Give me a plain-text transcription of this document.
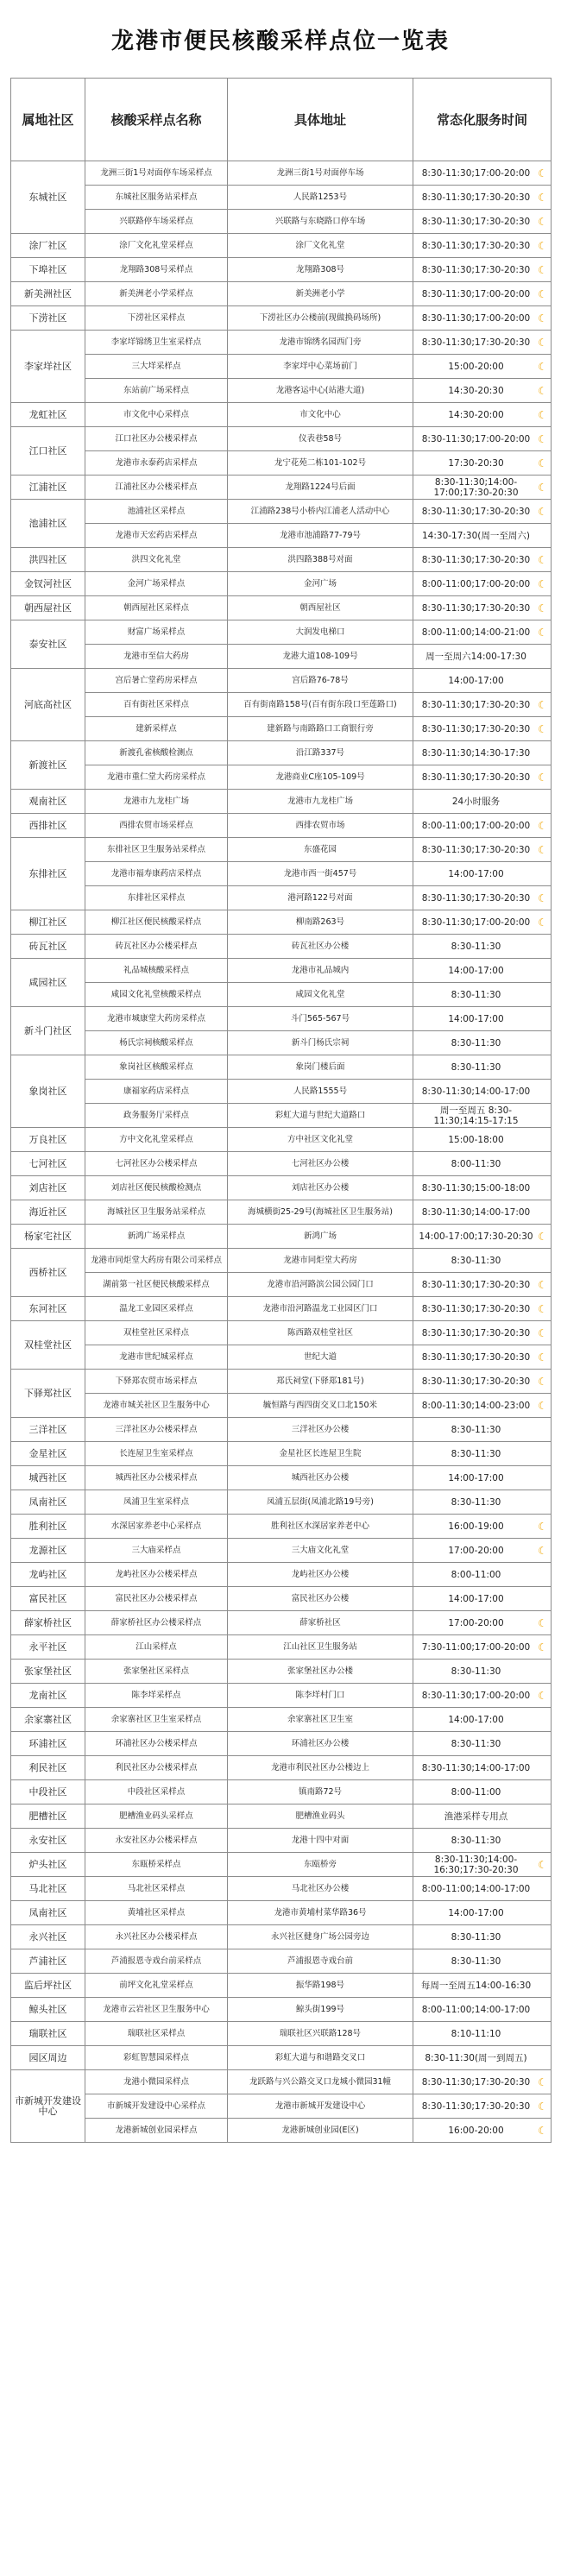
龙港市便民核酸采样点位一览表
属地社区	核酸采样点名称	具体地址	常态化服务时间
东城社区	龙洲三街1号对面停车场采样点	龙洲三街1号对面停车场	8:30-11:30;17:00-20:00 ☾

	东城社区服务站采样点	人民路1253号	8:30-11:30;17:30-20:30 ☾

	兴联路停车场采样点	兴联路与东晓路口停车场	8:30-11:30;17:30-20:30 ☾

涂厂社区	涂厂文化礼堂采样点	涂厂文化礼堂	8:30-11:30;17:30-20:30 ☾

下埠社区	龙翔路308号采样点	龙翔路308号	8:30-11:30;17:30-20:30 ☾

新美洲社区	新美洲老小学采样点	新美洲老小学	8:30-11:30;17:00-20:00 ☾

下涝社区	下涝社区采样点	下涝社区办公楼前(现做换码场所)	8:30-11:30;17:00-20:00 ☾

李家垟社区	李家垟锦绣卫生室采样点	龙港市锦绣名园西门旁	8:30-11:30;17:30-20:30 ☾

	三大垟采样点	李家垟中心菜场前门	15:00-20:00 ☾

	东站前广场采样点	龙港客运中心(站港大道)	14:30-20:30 ☾

龙虹社区	市文化中心采样点	市文化中心	14:30-20:00 ☾

江口社区	江口社区办公楼采样点	仪表巷58号	8:30-11:30;17:00-20:00 ☾

	龙港市永泰药店采样点	龙宁花苑二栋101-102号	17:30-20:30 ☾

江浦社区	江浦社区办公楼采样点	龙翔路1224号后面	8:30-11:30;14:00-17:00;17:30-20:30 ☾

池浦社区	池浦社区采样点	江浦路238号小桥内江浦老人活动中心	8:30-11:30;17:30-20:30 ☾

	龙港市天宏药店采样点	龙港市池浦路77-79号	14:30-17:30(周一至周六)

洪四社区	洪四文化礼堂	洪四路388号对面	8:30-11:30;17:30-20:30 ☾

金钗河社区	金河广场采样点	金河广场	8:00-11:00;17:00-20:00 ☾

朝西屋社区	朝西屋社区采样点	朝西屋社区	8:30-11:30;17:30-20:30 ☾

泰安社区	财富广场采样点	大润发电梯口	8:00-11:00;14:00-21:00 ☾

	龙港市至信大药房	龙港大道108-109号	周一至周六14:00-17:30

河底高社区	宫后暑亡堂药房采样点	宫后路76-78号	14:00-17:00

	百有街社区采样点	百有街南路158号(百有街东段口至莲路口)	8:30-11:30;17:30-20:30 ☾

	建新采样点	建新路与南路路口工商银行旁	8:30-11:30;17:30-20:30 ☾

新渡社区	新渡孔雀核酸检测点	沿江路337号	8:30-11:30;14:30-17:30

	龙港市重仁堂大药房采样点	龙港商业C座105-109号	8:30-11:30;17:30-20:30 ☾

观南社区	龙港市九龙桂广场	龙港市九龙桂广场	24小时服务

西排社区	西排农贸市场采样点	西排农贸市场	8:00-11:00;17:00-20:00 ☾

东排社区	东排社区卫生服务站采样点	东盛花园	8:30-11:30;17:30-20:30 ☾

	龙港市福寿康药店采样点	龙港市西一街457号	14:00-17:00

	东排社区采样点	港河路122号对面	8:30-11:30;17:30-20:30 ☾

柳江社区	柳江社区便民核酸采样点	柳南路263号	8:30-11:30;17:00-20:00 ☾

砖瓦社区	砖瓦社区办公楼采样点	砖瓦社区办公楼	8:30-11:30

咸园社区	礼品城核酸采样点	龙港市礼品城内	14:00-17:00

	咸园文化礼堂核酸采样点	咸园文化礼堂	8:30-11:30

新斗门社区	龙港市城康堂大药房采样点	斗门565-567号	14:00-17:00

	杨氏宗祠核酸采样点	新斗门杨氏宗祠	8:30-11:30

象岗社区	象岗社区核酸采样点	象岗门楼后面	8:30-11:30

	康福家药店采样点	人民路1555号	8:30-11:30;14:00-17:00

	政务服务厅采样点	彩虹大道与世纪大道路口	周一至周五 8:30-11:30;14:15-17:15

万良社区	方中文化礼堂采样点	方中社区文化礼堂	15:00-18:00

七河社区	七河社区办公楼采样点	七河社区办公楼	8:00-11:30

刘店社区	刘店社区便民核酸检测点	刘店社区办公楼	8:30-11:30;15:00-18:00

海近社区	海城社区卫生服务站采样点	海城横街25-29号(海城社区卫生服务站)	8:30-11:30;14:00-17:00

杨家宅社区	新鸿广场采样点	新鸿广场	14:00-17:00;17:30-20:30 ☾

西桥社区	龙港市同炬堂大药房有限公司采样点	龙港市同炬堂大药房	8:30-11:30

	湖前第一社区便民核酸采样点	龙港市沿河路滨公园公园门口	8:30-11:30;17:30-20:30 ☾

东河社区	温龙工业园区采样点	龙港市沿河路温龙工业园区门口	8:30-11:30;17:30-20:30 ☾

双桂堂社区	双桂堂社区采样点	陈西路双桂堂社区	8:30-11:30;17:30-20:30 ☾

	龙港市世纪城采样点	世纪大道	8:30-11:30;17:30-20:30 ☾

下驿郑社区	下驿郑农贸市场采样点	郑氏祠堂(下驿郑181号)	8:30-11:30;17:30-20:30 ☾

	龙港市城关社区卫生服务中心	毓恒路与西四街交叉口北150米	8:00-11:30;14:00-23:00 ☾

三洋社区	三洋社区办公楼采样点	三洋社区办公楼	8:30-11:30

金星社区	长连屋卫生室采样点	金星社区长连屋卫生院	8:30-11:30

城西社区	城西社区办公楼采样点	城西社区办公楼	14:00-17:00

凤南社区	凤浦卫生室采样点	凤浦五层街(凤浦北路19号旁)	8:30-11:30

胜利社区	水深居家养老中心采样点	胜利社区水深居家养老中心	16:00-19:00 ☾

龙源社区	三大庙采样点	三大庙文化礼堂	17:00-20:00 ☾

龙屿社区	龙屿社区办公楼采样点	龙屿社区办公楼	8:00-11:00

富民社区	富民社区办公楼采样点	富民社区办公楼	14:00-17:00

薛家桥社区	薛家桥社区办公楼采样点	薛家桥社区	17:00-20:00 ☾

永平社区	江山采样点	江山社区卫生服务站	7:30-11:00;17:00-20:00 ☾

张家堡社区	张家堡社区采样点	张家堡社区办公楼	8:30-11:30

龙南社区	陈李垟采样点	陈李垟村门口	8:30-11:30;17:00-20:00 ☾

余家寨社区	余家寨社区卫生室采样点	余家寨社区卫生室	14:00-17:00

环浦社区	环浦社区办公楼采样点	环浦社区办公楼	8:30-11:30

利民社区	利民社区办公楼采样点	龙港市利民社区办公楼边上	8:30-11:30;14:00-17:00

中段社区	中段社区采样点	镇南路72号	8:00-11:00

肥槽社区	肥槽渔业码头采样点	肥槽渔业码头	渔港采样专用点

永安社区	永安社区办公楼采样点	龙港十四中对面	8:30-11:30

炉头社区	东瓯桥采样点	东瓯桥旁	8:30-11:30;14:00-16:30;17:30-20:30 ☾

马北社区	马北社区采样点	马北社区办公楼	8:00-11:00;14:00-17:00

凤南社区	黄埔社区采样点	龙港市黄埔村菜华路36号	14:00-17:00

永兴社区	永兴社区办公楼采样点	永兴社区健身广场公园旁边	8:30-11:30

芦浦社区	芦浦报恩寺戏台前采样点	芦浦报恩寺戏台前	8:30-11:30

监后坪社区	前坪文化礼堂采样点	振华路198号	每周一至周五14:00-16:30

鲸头社区	龙港市云岩社区卫生服务中心	鲸头街199号	8:00-11:00;14:00-17:00

瑞联社区	瑞联社区采样点	瑞联社区兴联路128号	8:10-11:10

园区周边	彩虹智慧园采样点	彩虹大道与和谐路交叉口	8:30-11:30(周一到周五)

市新城开发建设中心	龙港小微园采样点	龙跃路与兴公路交叉口龙城小微园31幢	8:30-11:30;17:30-20:30 ☾

	市新城开发建设中心采样点	龙港市新城开发建设中心	8:30-11:30;17:30-20:30 ☾

	龙港新城创业园采样点	龙港新城创业园(E区)	16:00-20:00 ☾
